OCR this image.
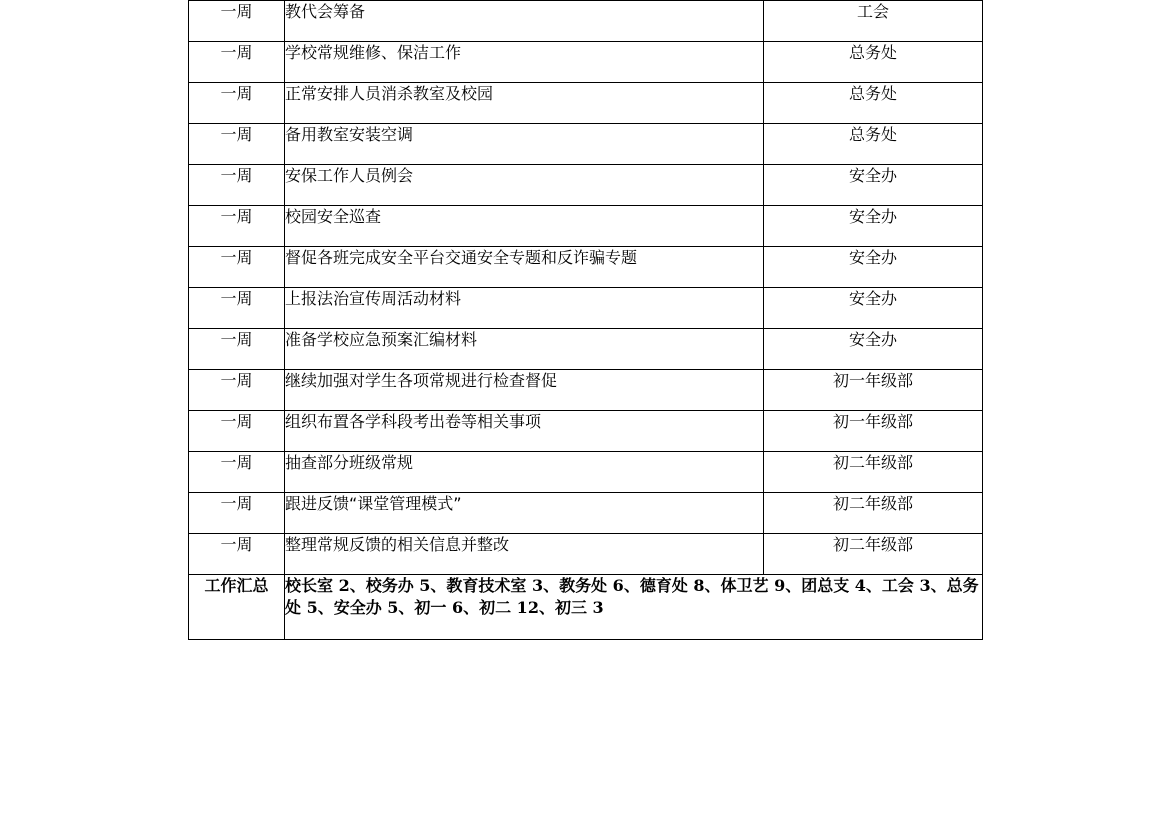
一周	教代会筹备	工会
一周	学校常规维修、保洁工作	总务处
一周	正常安排人员消杀教室及校园	总务处
一周	备用教室安装空调	总务处
一周	安保工作人员例会	安全办
一周	校园安全巡查	安全办
一周	督促各班完成安全平台交通安全专题和反诈骗专题	安全办
一周	上报法治宣传周活动材料	安全办
一周	准备学校应急预案汇编材料	安全办
一周	继续加强对学生各项常规进行检查督促	初一年级部
一周	组织布置各学科段考出卷等相关事项	初一年级部
一周	抽查部分班级常规	初二年级部
一周	跟进反馈“课堂管理模式”	初二年级部
一周	整理常规反馈的相关信息并整改	初二年级部
工作汇总	校长室 2、校务办 5、教育技术室 3、教务处 6、德育处 8、体卫艺 9、团总支 4、工会 3、总务处 5、安全办 5、初一 6、初二 12、初三 3	
